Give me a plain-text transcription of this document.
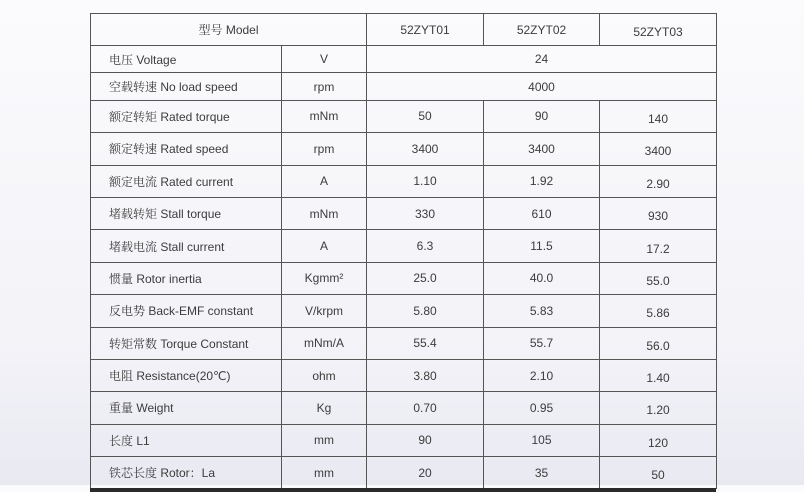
型号 Model		52ZYT01	52ZYT02	52ZYT03
电压 Voltage	V	24		
空载转速 No load speed	rpm	4000		
额定转矩 Rated torque	mNm	50	90	140
额定转速 Rated speed	rpm	3400	3400	3400
额定电流 Rated current	A	1.10	1.92	2.90
堵载转矩 Stall torque	mNm	330	610	930
堵载电流 Stall current	A	6.3	11.5	17.2
惯量 Rotor inertia	Kgmm²	25.0	40.0	55.0
反电势 Back-EMF constant	V/krpm	5.80	5.83	5.86
转矩常数 Torque Constant	mNm/A	55.4	55.7	56.0
电阻 Resistance(20℃)	ohm	3.80	2.10	1.40
重量 Weight	Kg	0.70	0.95	1.20
长度 L1	mm	90	105	120
铁芯长度 Rotor：La	mm	20	35	50
